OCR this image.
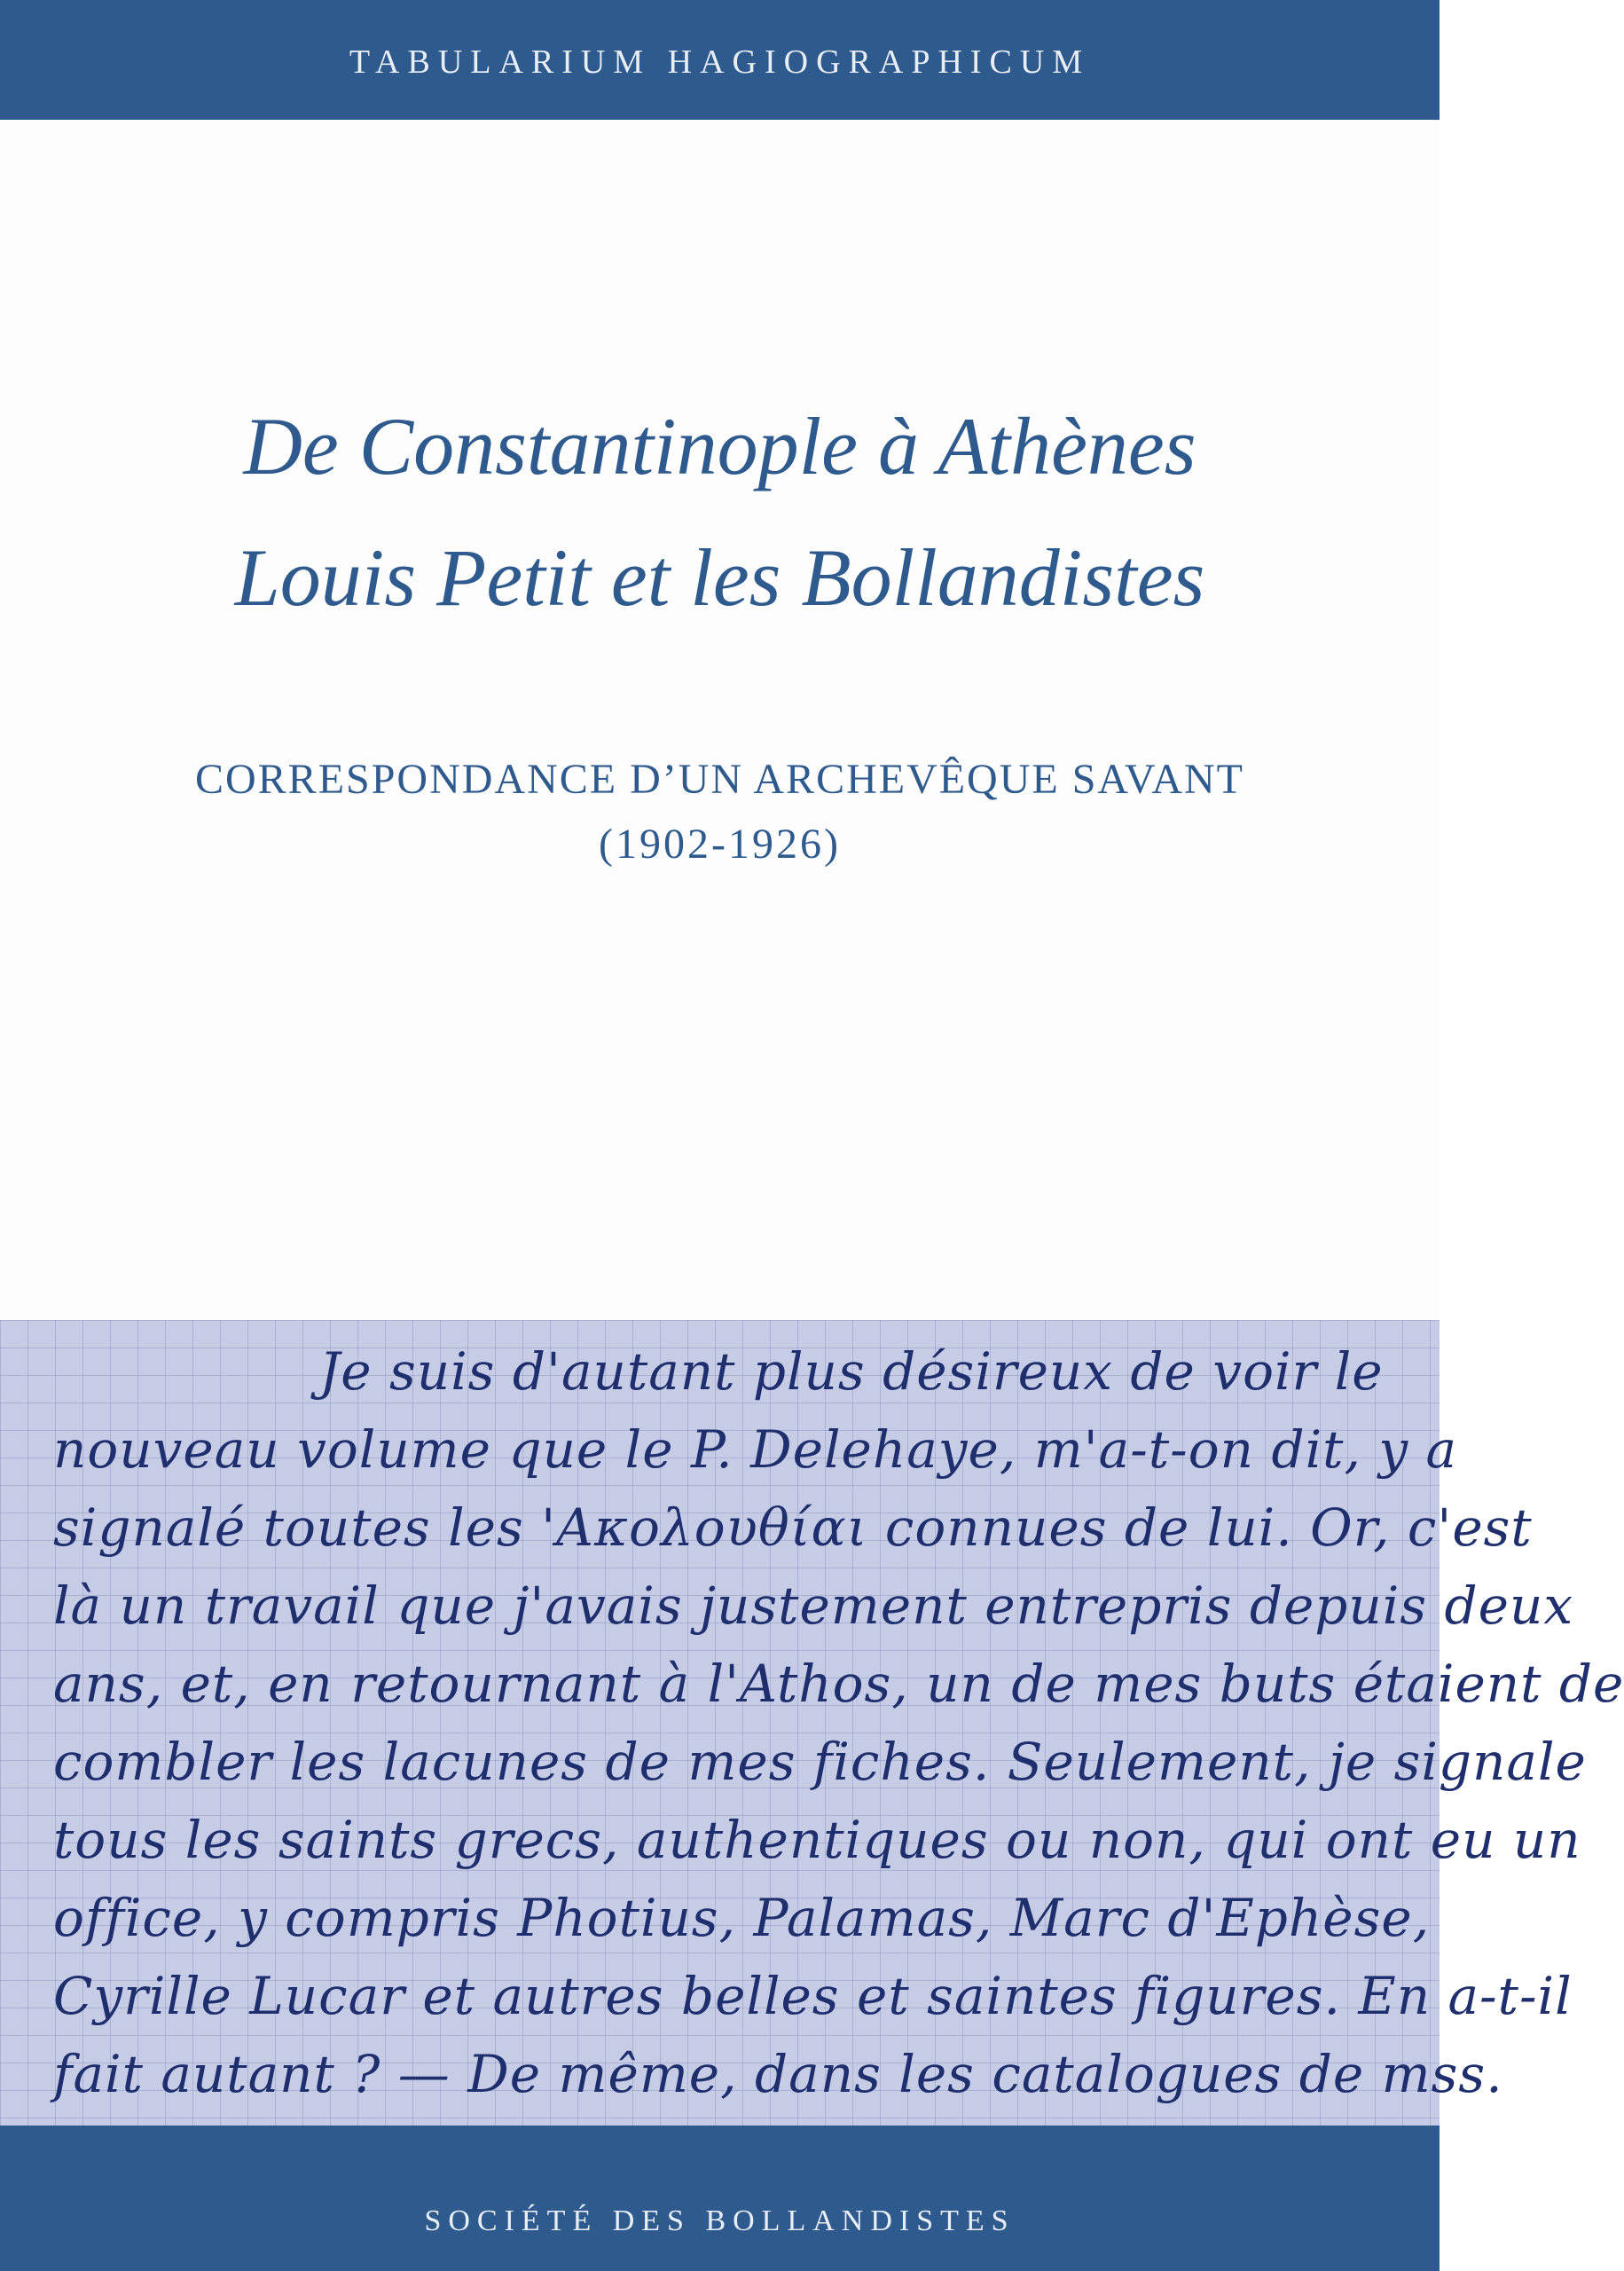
TABULARIUM HAGIOGRAPHICUM

De Constantinople à Athènes
Louis Petit et les Bollandistes

CORRESPONDANCE D’UN ARCHEVÊQUE SAVANT

(1902-1926)

Je suis d'autant plus désireux de voir le

nouveau volume que le P. Delehaye, m'a-t-on dit, y a

signalé toutes les 'Ακολουθίαι connues de lui. Or, c'est

là un travail que j'avais justement entrepris depuis deux

ans, et, en retournant à l'Athos, un de mes buts étaient de

combler les lacunes de mes fiches. Seulement, je signale

tous les saints grecs, authentiques ou non, qui ont eu un

office, y compris Photius, Palamas, Marc d'Ephèse,

Cyrille Lucar et autres belles et saintes figures. En a-t-il

fait autant ? — De même, dans les catalogues de mss.

SOCIÉTÉ DES BOLLANDISTES
